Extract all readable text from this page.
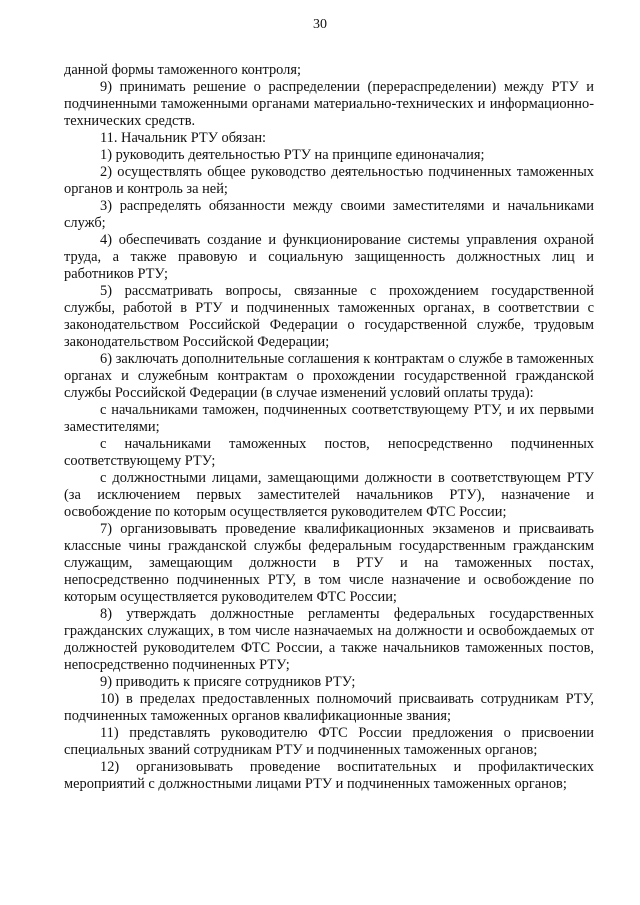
30

данной формы таможенного контроля;

9) принимать решение о распределении (перераспределении) между РТУ и подчиненными таможенными органами материально-технических и информационно-технических средств.

11. Начальник РТУ обязан:

1) руководить деятельностью РТУ на принципе единоначалия;

2) осуществлять общее руководство деятельностью подчиненных таможенных органов и контроль за ней;

3) распределять обязанности между своими заместителями и начальниками служб;

4) обеспечивать создание и функционирование системы управления охраной труда, а также правовую и социальную защищенность должностных лиц и работников РТУ;

5) рассматривать вопросы, связанные с прохождением государственной службы, работой в РТУ и подчиненных таможенных органах, в соответствии с законодательством Российской Федерации о государственной службе, трудовым законодательством Российской Федерации;

6) заключать дополнительные соглашения к контрактам о службе в таможенных органах и служебным контрактам о прохождении государственной гражданской службы Российской Федерации (в случае изменений условий оплаты труда):

с начальниками таможен, подчиненных соответствующему РТУ, и их первыми заместителями;

с начальниками таможенных постов, непосредственно подчиненных соответствующему РТУ;

с должностными лицами, замещающими должности в соответствующем РТУ (за исключением первых заместителей начальников РТУ), назначение и освобождение по которым осуществляется руководителем ФТС России;

7) организовывать проведение квалификационных экзаменов и присваивать классные чины гражданской службы федеральным государственным гражданским служащим, замещающим должности в РТУ и на таможенных постах, непосредственно подчиненных РТУ, в том числе назначение и освобождение по которым осуществляется руководителем ФТС России;

8) утверждать должностные регламенты федеральных государственных гражданских служащих, в том числе назначаемых на должности и освобождаемых от должностей руководителем ФТС России, а также начальников таможенных постов, непосредственно подчиненных РТУ;

9) приводить к присяге сотрудников РТУ;

10) в пределах предоставленных полномочий присваивать сотрудникам РТУ, подчиненных таможенных органов квалификационные звания;

11) представлять руководителю ФТС России предложения о присвоении специальных званий сотрудникам РТУ и подчиненных таможенных органов;

12) организовывать проведение воспитательных и профилактических мероприятий с должностными лицами РТУ и подчиненных таможенных органов;
